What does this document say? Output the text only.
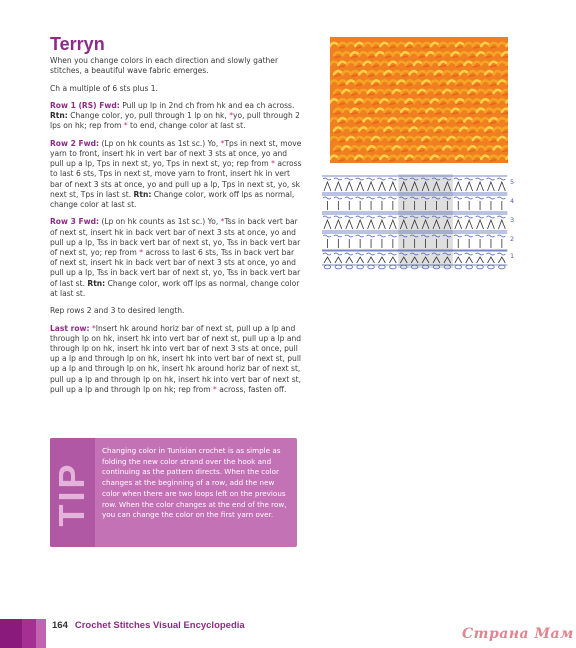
Terryn

When you change colors in each direction and slowly gather stitches, a beautiful wave fabric emerges.

Ch a multiple of 6 sts plus 1.

Row 1 (RS) Fwd: Pull up lp in 2nd ch from hk and ea ch across. Rtn: Change color, yo, pull through 1 lp on hk, *yo, pull through 2 lps on hk; rep from * to end, change color at last st.

Row 2 Fwd: (Lp on hk counts as 1st sc.) Yo, *Tps in next st, move yarn to front, insert hk in vert bar of next 3 sts at once, yo and pull up a lp, Tps in next st, yo, Tps in next st, yo; rep from * across to last 6 sts, Tps in next st, move yarn to front, insert hk in vert bar of next 3 sts at once, yo and pull up a lp, Tps in next st, yo, sk next st, Tps in last st. Rtn: Change color, work off lps as normal, change color at last st.

Row 3 Fwd: (Lp on hk counts as 1st sc.) Yo, *Tss in back vert bar of next st, insert hk in back vert bar of next 3 sts at once, yo and pull up a lp, Tss in back vert bar of next st, yo, Tss in back vert bar of next st, yo; rep from * across to last 6 sts, Tss in back vert bar of next st, insert hk in back vert bar of next 3 sts at once, yo and pull up a lp, Tss in back vert bar of next st, yo, Tss in back vert bar of last st. Rtn: Change color, work off lps as normal, change color at last st.

Rep rows 2 and 3 to desired length.

Last row: *Insert hk around horiz bar of next st, pull up a lp and through lp on hk, insert hk into vert bar of next st, pull up a lp and through lp on hk, insert hk into vert bar of next 3 sts at once, pull up a lp and through lp on hk, insert hk into vert bar of next st, pull up a lp and through lp on hk, insert hk around horiz bar of next st, pull up a lp and through lp on hk, insert hk into vert bar of next st, pull up a lp and through lp on hk; rep from * across, fasten off.

5
4
3
2
1
TIP
Changing color in Tunisian crochet is as simple as folding the new color strand over the hook and continuing as the pattern directs. When the color changes at the beginning of a row, add the new color when there are two loops left on the previous row. When the color changes at the end of the row, you can change the color on the first yarn over.
164 Crochet Stitches Visual Encyclopedia
Страна Мам
